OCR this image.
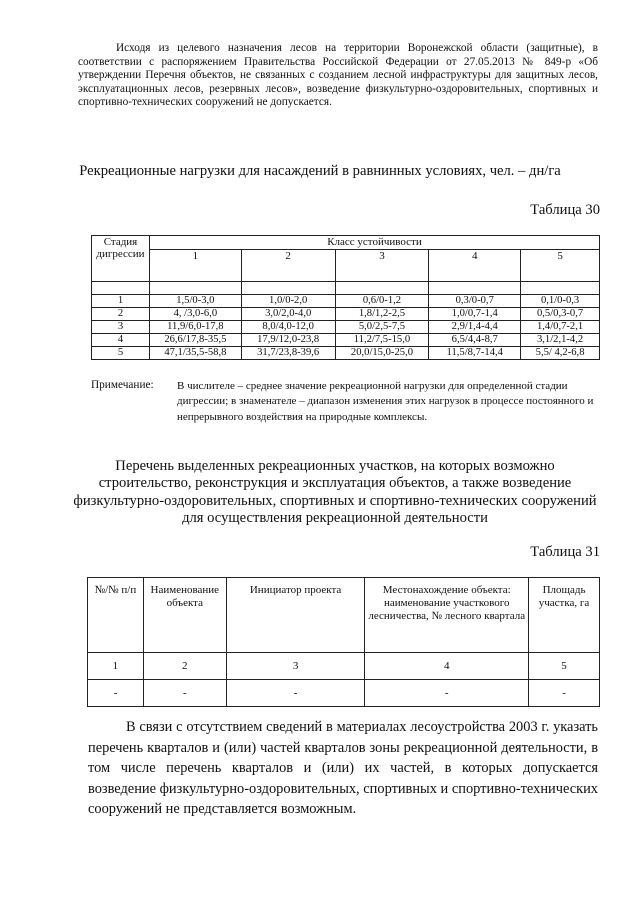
Исходя из целевого назначения лесов на территории Воронежской области (защитные), в соответствии с распоряжением Правительства Российской Федерации от 27.05.2013 № 849-р «Об утверждении Перечня объектов, не связанных с созданием лесной инфраструктуры для защитных лесов, эксплуатационных лесов, резервных лесов», возведение физкультурно-оздоровительных, спортивных и спортивно-технических сооружений не допускается.
Рекреационные нагрузки для насаждений в равнинных условиях, чел. – дн/га
Таблица 30
Стадия дигрессии	Класс устойчивости				
	1	2	3	4	5

1	1,5/0-3,0	1,0/0-2,0	0,6/0-1,2	0,3/0-0,7	0,1/0-0,3
2	4, /3,0-6,0	3,0/2,0-4,0	1,8/1,2-2,5	1,0/0,7-1,4	0,5/0,3-0,7
3	11,9/6,0-17,8	8,0/4,0-12,0	5,0/2,5-7,5	2,9/1,4-4,4	1,4/0,7-2,1
4	26,6/17,8-35,5	17,9/12,0-23,8	11,2/7,5-15,0	6,5/4,4-8,7	3,1/2,1-4,2
5	47,1/35,5-58,8	31,7/23,8-39,6	20,0/15,0-25,0	11,5/8,7-14,4	5,5/ 4,2-6,8
Примечание: В числителе – среднее значение рекреационной нагрузки для определенной стадии дигрессии; в знаменателе – диапазон изменения этих нагрузок в процессе постоянного и непрерывного воздействия на природные комплексы.
Перечень выделенных рекреационных участков, на которых возможно строительство, реконструкция и эксплуатация объектов, а также возведение физкультурно-оздоровительных, спортивных и спортивно-технических сооружений для осуществления рекреационной деятельности
Таблица 31
№/№ п/п	Наименование объекта	Инициатор проекта	Местонахождение объекта: наименование участкового лесничества, № лесного квартала	Площадь участка, га
1	2	3	4	5
-	-	-	-	-
В связи с отсутствием сведений в материалах лесоустройства 2003 г. указать перечень кварталов и (или) частей кварталов зоны рекреационной деятельности, в том числе перечень кварталов и (или) их частей, в которых допускается возведение физкультурно-оздоровительных, спортивных и спортивно-технических сооружений не представляется возможным.
